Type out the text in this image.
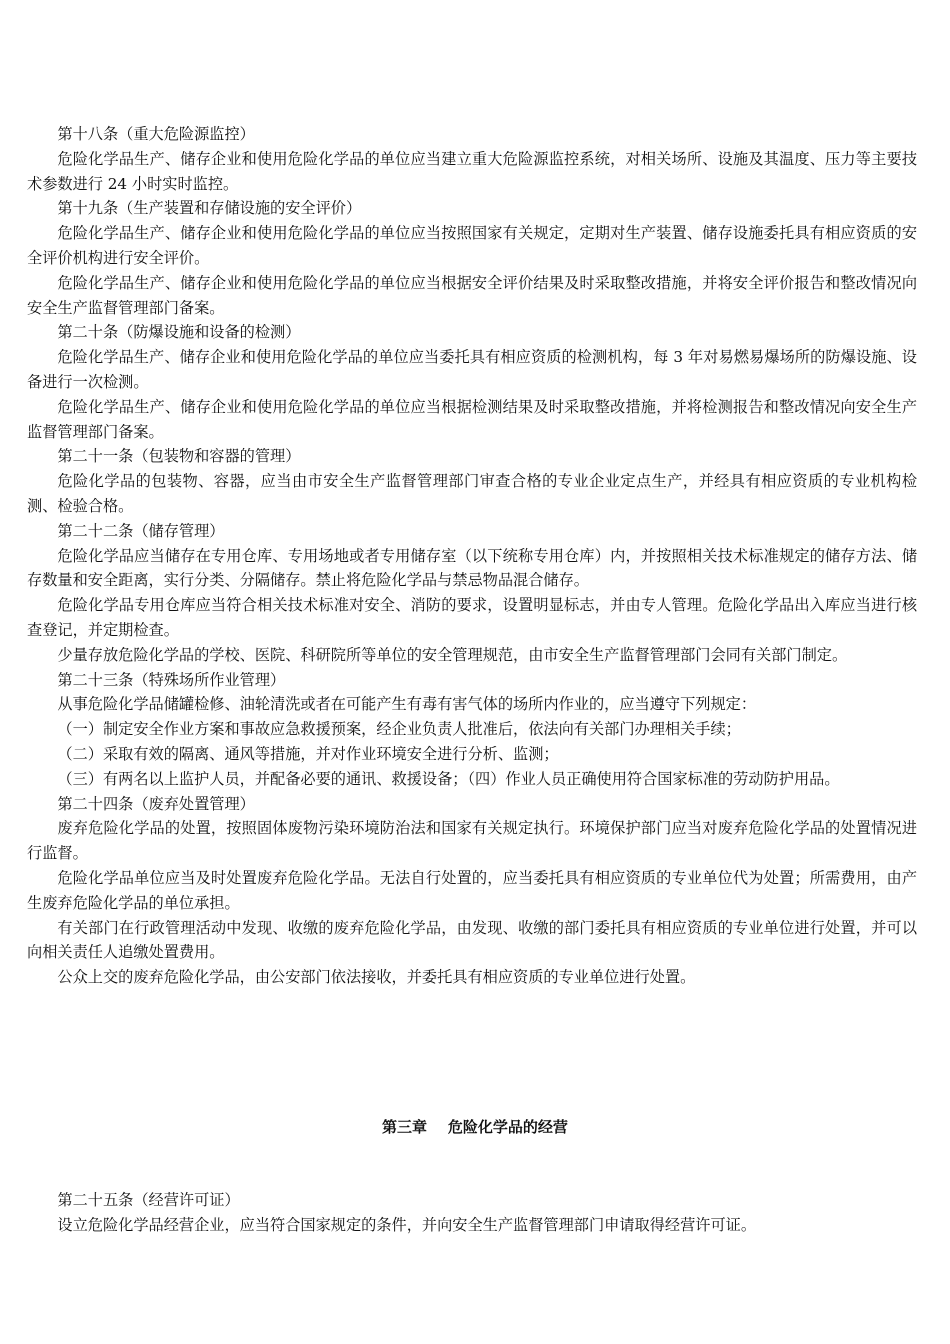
第十八条（重大危险源监控）

危险化学品生产、储存企业和使用危险化学品的单位应当建立重大危险源监控系统，对相关场所、设施及其温度、压力等主要技术参数进行 24 小时实时监控。

第十九条（生产装置和存储设施的安全评价）

危险化学品生产、储存企业和使用危险化学品的单位应当按照国家有关规定，定期对生产装置、储存设施委托具有相应资质的安全评价机构进行安全评价。

危险化学品生产、储存企业和使用危险化学品的单位应当根据安全评价结果及时采取整改措施，并将安全评价报告和整改情况向安全生产监督管理部门备案。

第二十条（防爆设施和设备的检测）

危险化学品生产、储存企业和使用危险化学品的单位应当委托具有相应资质的检测机构，每 3 年对易燃易爆场所的防爆设施、设备进行一次检测。

危险化学品生产、储存企业和使用危险化学品的单位应当根据检测结果及时采取整改措施，并将检测报告和整改情况向安全生产监督管理部门备案。

第二十一条（包装物和容器的管理）

危险化学品的包装物、容器，应当由市安全生产监督管理部门审查合格的专业企业定点生产，并经具有相应资质的专业机构检测、检验合格。

第二十二条（储存管理）

危险化学品应当储存在专用仓库、专用场地或者专用储存室（以下统称专用仓库）内，并按照相关技术标准规定的储存方法、储存数量和安全距离，实行分类、分隔储存。禁止将危险化学品与禁忌物品混合储存。

危险化学品专用仓库应当符合相关技术标准对安全、消防的要求，设置明显标志，并由专人管理。危险化学品出入库应当进行核查登记，并定期检查。

少量存放危险化学品的学校、医院、科研院所等单位的安全管理规范，由市安全生产监督管理部门会同有关部门制定。

第二十三条（特殊场所作业管理）

从事危险化学品储罐检修、油轮清洗或者在可能产生有毒有害气体的场所内作业的，应当遵守下列规定：

（一）制定安全作业方案和事故应急救援预案，经企业负责人批准后，依法向有关部门办理相关手续；

（二）采取有效的隔离、通风等措施，并对作业环境安全进行分析、监测；

（三）有两名以上监护人员，并配备必要的通讯、救援设备；（四）作业人员正确使用符合国家标准的劳动防护用品。

第二十四条（废弃处置管理）

废弃危险化学品的处置，按照固体废物污染环境防治法和国家有关规定执行。环境保护部门应当对废弃危险化学品的处置情况进行监督。

危险化学品单位应当及时处置废弃危险化学品。无法自行处置的，应当委托具有相应资质的专业单位代为处置；所需费用，由产生废弃危险化学品的单位承担。

有关部门在行政管理活动中发现、收缴的废弃危险化学品，由发现、收缴的部门委托具有相应资质的专业单位进行处置，并可以向相关责任人追缴处置费用。

公众上交的废弃危险化学品，由公安部门依法接收，并委托具有相应资质的专业单位进行处置。

第三章    危险化学品的经营

第二十五条（经营许可证）

设立危险化学品经营企业，应当符合国家规定的条件，并向安全生产监督管理部门申请取得经营许可证。
